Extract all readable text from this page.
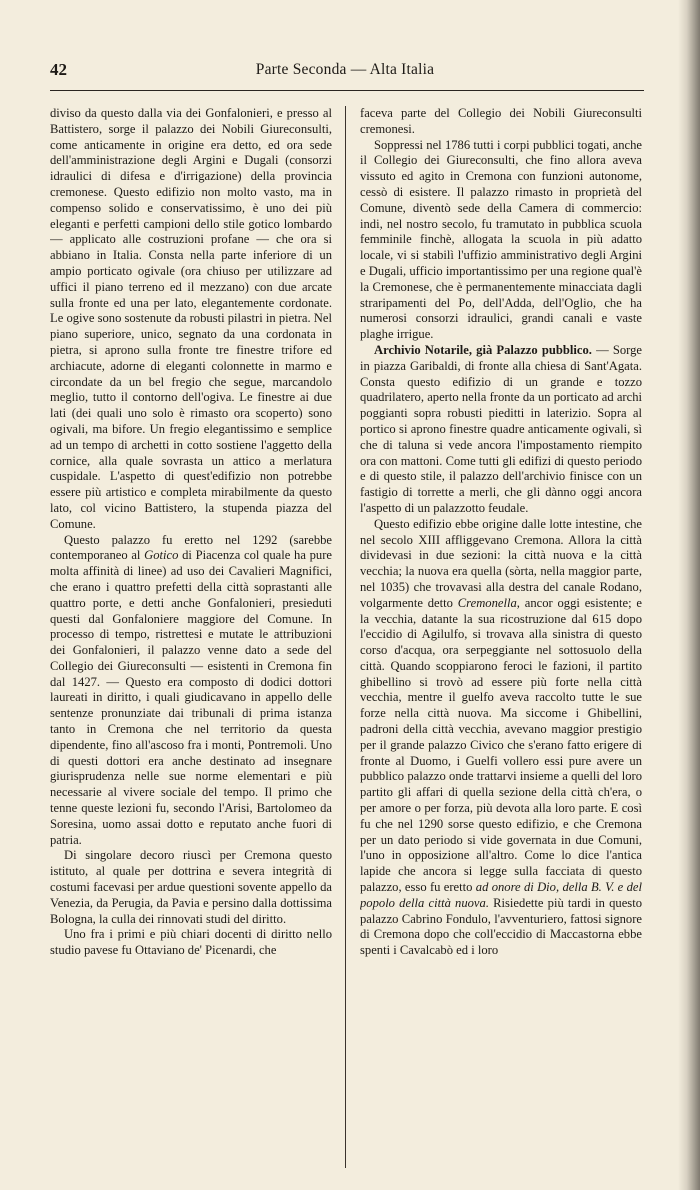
42	Parte Seconda — Alta Italia

diviso da questo dalla via dei Gonfalonieri, e presso al Battistero, sorge il palazzo dei Nobili Giureconsulti, come anticamente in origine era detto, ed ora sede dell'amministrazione degli Argini e Dugali (consorzi idraulici di difesa e d'irrigazione) della provincia cremonese. Questo edifizio non molto vasto, ma in compenso solido e conservatissimo, è uno dei più eleganti e perfetti campioni dello stile gotico lombardo — applicato alle costruzioni profane — che ora si abbiano in Italia. Consta nella parte inferiore di un ampio porticato ogivale (ora chiuso per utilizzare ad uffici il piano terreno ed il mezzano) con due arcate sulla fronte ed una per lato, elegantemente cordonate. Le ogive sono sostenute da robusti pilastri in pietra. Nel piano superiore, unico, segnato da una cordonata in pietra, si aprono sulla fronte tre finestre trifore ed archiacute, adorne di eleganti colonnette in marmo e circondate da un bel fregio che segue, marcandolo meglio, tutto il contorno dell'ogiva. Le finestre ai due lati (dei quali uno solo è rimasto ora scoperto) sono ogivali, ma bifore. Un fregio elegantissimo e semplice ad un tempo di archetti in cotto sostiene l'aggetto della cornice, alla quale sovrasta un attico a merlatura cuspidale. L'aspetto di quest'edifizio non potrebbe essere più artistico e completa mirabilmente da questo lato, col vicino Battistero, la stupenda piazza del Comune.

Questo palazzo fu eretto nel 1292 (sarebbe contemporaneo al Gotico di Piacenza col quale ha pure molta affinità di linee) ad uso dei Cavalieri Magnifici, che erano i quattro prefetti della città soprastanti alle quattro porte, e detti anche Gonfalonieri, presieduti questi dal Gonfaloniere maggiore del Comune. In processo di tempo, ristrettesi e mutate le attribuzioni dei Gonfalonieri, il palazzo venne dato a sede del Collegio dei Giureconsulti — esistenti in Cremona fin dal 1427. — Questo era composto di dodici dottori laureati in diritto, i quali giudicavano in appello delle sentenze pronunziate dai tribunali di prima istanza tanto in Cremona che nel territorio da questa dipendente, fino all'ascoso fra i monti, Pontremoli. Uno di questi dottori era anche destinato ad insegnare giurisprudenza nelle sue norme elementari e più necessarie al vivere sociale del tempo. Il primo che tenne queste lezioni fu, secondo l'Arisi, Bartolomeo da Soresina, uomo assai dotto e reputato anche fuori di patria.

Di singolare decoro riuscì per Cremona questo istituto, al quale per dottrina e severa integrità di costumi facevasi per ardue questioni sovente appello da Venezia, da Perugia, da Pavia e persino dalla dottissima Bologna, la culla dei rinnovati studi del diritto.

Uno fra i primi e più chiari docenti di diritto nello studio pavese fu Ottaviano de' Picenardi, che

faceva parte del Collegio dei Nobili Giureconsulti cremonesi.

Soppressi nel 1786 tutti i corpi pubblici togati, anche il Collegio dei Giureconsulti, che fino allora aveva vissuto ed agito in Cremona con funzioni autonome, cessò di esistere. Il palazzo rimasto in proprietà del Comune, diventò sede della Camera di commercio: indi, nel nostro secolo, fu tramutato in pubblica scuola femminile finchè, allogata la scuola in più adatto locale, vi si stabilì l'uffizio amministrativo degli Argini e Dugali, ufficio importantissimo per una regione qual'è la Cremonese, che è permanentemente minacciata dagli straripamenti del Po, dell'Adda, dell'Oglio, che ha numerosi consorzi idraulici, grandi canali e vaste plaghe irrigue.

Archivio Notarile, già Palazzo pubblico. — Sorge in piazza Garibaldi, di fronte alla chiesa di Sant'Agata. Consta questo edifizio di un grande e tozzo quadrilatero, aperto nella fronte da un porticato ad archi poggianti sopra robusti pieditti in laterizio. Sopra al portico si aprono finestre quadre anticamente ogivali, sì che di taluna si vede ancora l'impostamento riempito ora con mattoni. Come tutti gli edifizi di questo periodo e di questo stile, il palazzo dell'archivio finisce con un fastigio di torrette a merli, che gli dànno oggi ancora l'aspetto di un palazzotto feudale.

Questo edifizio ebbe origine dalle lotte intestine, che nel secolo XIII affliggevano Cremona. Allora la città dividevasi in due sezioni: la città nuova e la città vecchia; la nuova era quella (sòrta, nella maggior parte, nel 1035) che trovavasi alla destra del canale Rodano, volgarmente detto Cremonella, ancor oggi esistente; e la vecchia, datante la sua ricostruzione dal 615 dopo l'eccidio di Agilulfo, si trovava alla sinistra di questo corso d'acqua, ora serpeggiante nel sottosuolo della città. Quando scoppiarono feroci le fazioni, il partito ghibellino si trovò ad essere più forte nella città vecchia, mentre il guelfo aveva raccolto tutte le sue forze nella città nuova. Ma siccome i Ghibellini, padroni della città vecchia, avevano maggior prestigio per il grande palazzo Civico che s'erano fatto erigere di fronte al Duomo, i Guelfi vollero essi pure avere un pubblico palazzo onde trattarvi insieme a quelli del loro partito gli affari di quella sezione della città ch'era, o per amore o per forza, più devota alla loro parte. E così fu che nel 1290 sorse questo edifizio, e che Cremona per un dato periodo si vide governata in due Comuni, l'uno in opposizione all'altro. Come lo dice l'antica lapide che ancora si legge sulla facciata di questo palazzo, esso fu eretto ad onore di Dio, della B. V. e del popolo della città nuova. Risiedette più tardi in questo palazzo Cabrino Fondulo, l'avventuriero, fattosi signore di Cremona dopo che coll'eccidio di Maccastorna ebbe spenti i Cavalcabò ed i loro
